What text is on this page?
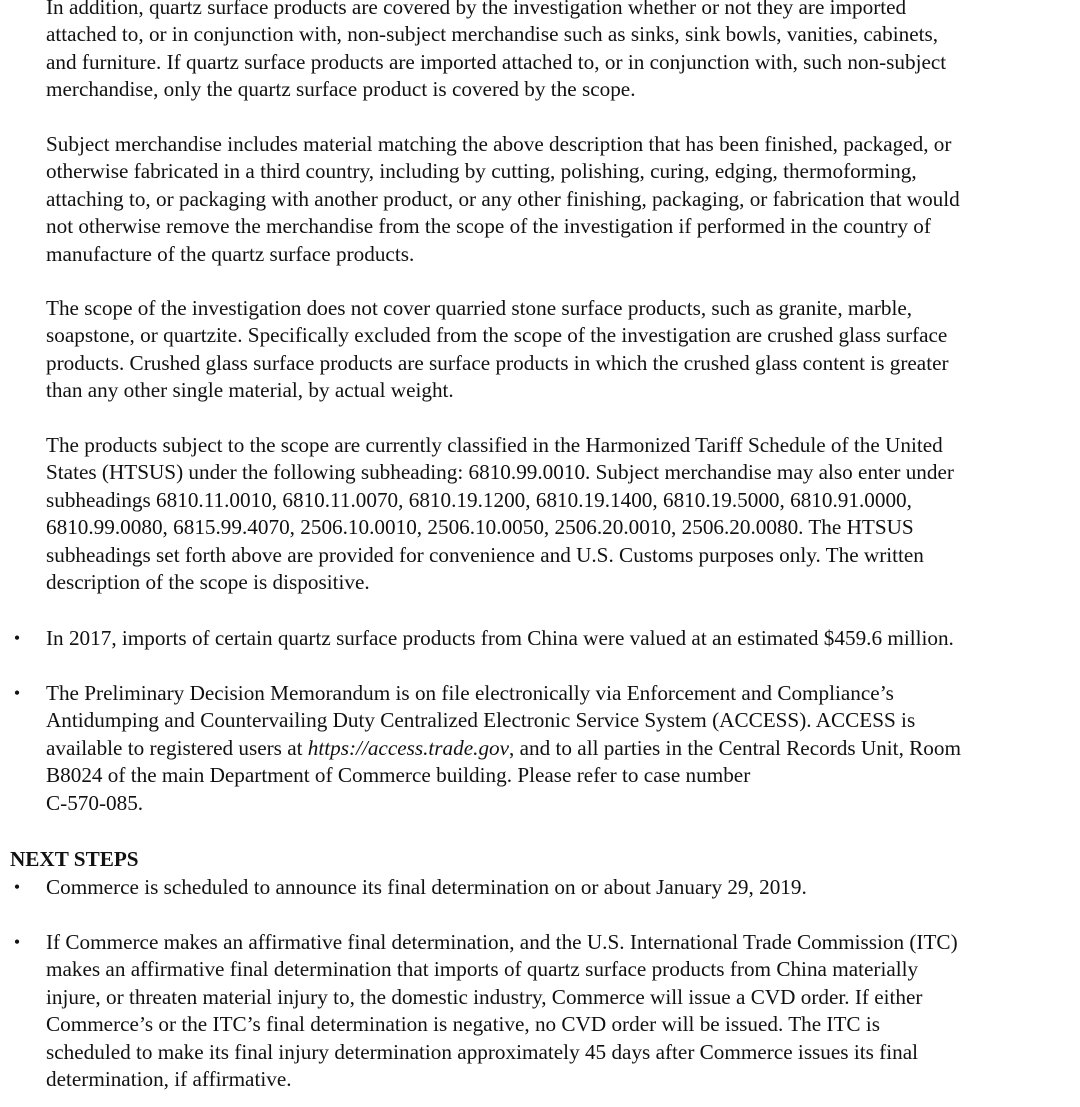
In addition, quartz surface products are covered by the investigation whether or not they are imported
attached to, or in conjunction with, non-subject merchandise such as sinks, sink bowls, vanities, cabinets,
and furniture. If quartz surface products are imported attached to, or in conjunction with, such non-subject
merchandise, only the quartz surface product is covered by the scope.

Subject merchandise includes material matching the above description that has been finished, packaged, or
otherwise fabricated in a third country, including by cutting, polishing, curing, edging, thermoforming,
attaching to, or packaging with another product, or any other finishing, packaging, or fabrication that would
not otherwise remove the merchandise from the scope of the investigation if performed in the country of
manufacture of the quartz surface products.

The scope of the investigation does not cover quarried stone surface products, such as granite, marble,
soapstone, or quartzite. Specifically excluded from the scope of the investigation are crushed glass surface
products. Crushed glass surface products are surface products in which the crushed glass content is greater
than any other single material, by actual weight.

The products subject to the scope are currently classified in the Harmonized Tariff Schedule of the United
States (HTSUS) under the following subheading: 6810.99.0010. Subject merchandise may also enter under
subheadings 6810.11.0010, 6810.11.0070, 6810.19.1200, 6810.19.1400, 6810.19.5000, 6810.91.0000,
6810.99.0080, 6815.99.4070, 2506.10.0010, 2506.10.0050, 2506.20.0010, 2506.20.0080. The HTSUS
subheadings set forth above are provided for convenience and U.S. Customs purposes only. The written
description of the scope is dispositive.

• In 2017, imports of certain quartz surface products from China were valued at an estimated $459.6 million.

• The Preliminary Decision Memorandum is on file electronically via Enforcement and Compliance’s
Antidumping and Countervailing Duty Centralized Electronic Service System (ACCESS). ACCESS is
available to registered users at https://access.trade.gov, and to all parties in the Central Records Unit, Room
B8024 of the main Department of Commerce building. Please refer to case number
C-570-085.

NEXT STEPS

• Commerce is scheduled to announce its final determination on or about January 29, 2019.

• If Commerce makes an affirmative final determination, and the U.S. International Trade Commission (ITC)
makes an affirmative final determination that imports of quartz surface products from China materially
injure, or threaten material injury to, the domestic industry, Commerce will issue a CVD order. If either
Commerce’s or the ITC’s final determination is negative, no CVD order will be issued. The ITC is
scheduled to make its final injury determination approximately 45 days after Commerce issues its final
determination, if affirmative.
